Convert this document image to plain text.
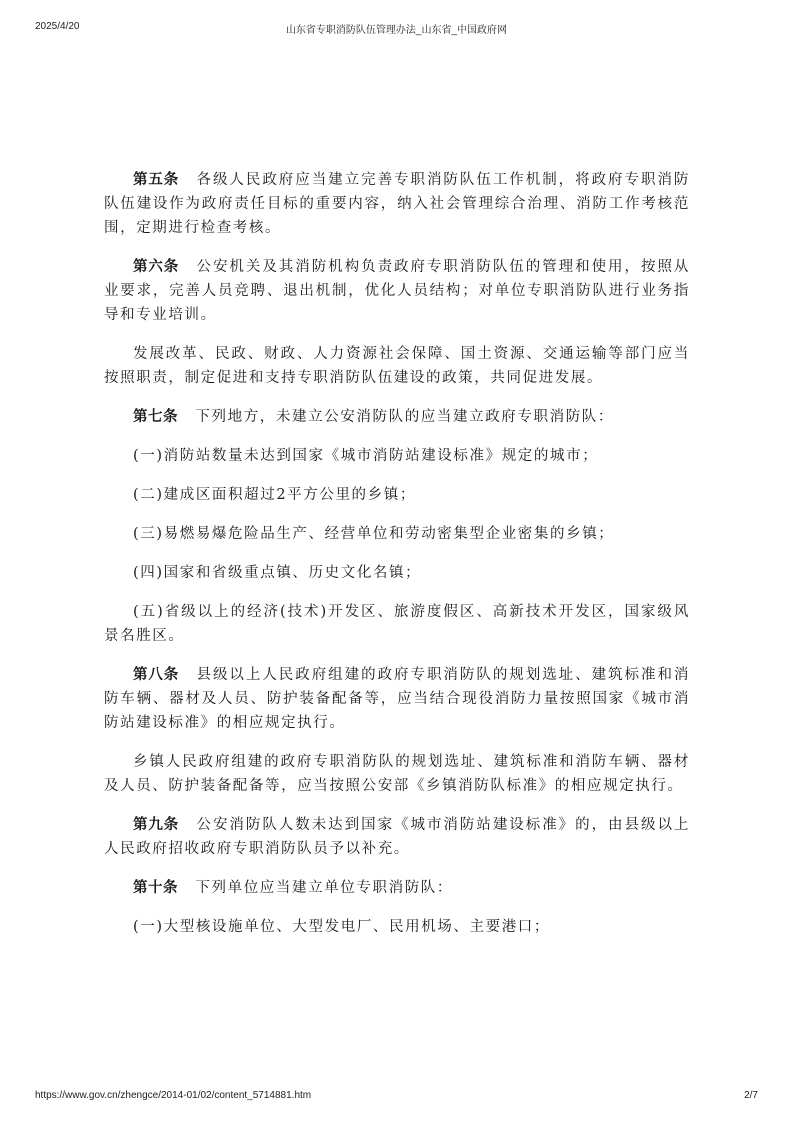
2025/4/20	山东省专职消防队伍管理办法_山东省_中国政府网

第五条 各级人民政府应当建立完善专职消防队伍工作机制，将政府专职消防队伍建设作为政府责任目标的重要内容，纳入社会管理综合治理、消防工作考核范围，定期进行检查考核。

第六条 公安机关及其消防机构负责政府专职消防队伍的管理和使用，按照从业要求，完善人员竞聘、退出机制，优化人员结构；对单位专职消防队进行业务指导和专业培训。

发展改革、民政、财政、人力资源社会保障、国土资源、交通运输等部门应当按照职责，制定促进和支持专职消防队伍建设的政策，共同促进发展。

第七条 下列地方，未建立公安消防队的应当建立政府专职消防队：

(一)消防站数量未达到国家《城市消防站建设标准》规定的城市；

(二)建成区面积超过2平方公里的乡镇；

(三)易燃易爆危险品生产、经营单位和劳动密集型企业密集的乡镇；

(四)国家和省级重点镇、历史文化名镇；

(五)省级以上的经济(技术)开发区、旅游度假区、高新技术开发区，国家级风景名胜区。

第八条 县级以上人民政府组建的政府专职消防队的规划选址、建筑标准和消防车辆、器材及人员、防护装备配备等，应当结合现役消防力量按照国家《城市消防站建设标准》的相应规定执行。

乡镇人民政府组建的政府专职消防队的规划选址、建筑标准和消防车辆、器材及人员、防护装备配备等，应当按照公安部《乡镇消防队标准》的相应规定执行。

第九条 公安消防队人数未达到国家《城市消防站建设标准》的，由县级以上人民政府招收政府专职消防队员予以补充。

第十条 下列单位应当建立单位专职消防队：

(一)大型核设施单位、大型发电厂、民用机场、主要港口；

https://www.gov.cn/zhengce/2014-01/02/content_5714881.htm	2/7
